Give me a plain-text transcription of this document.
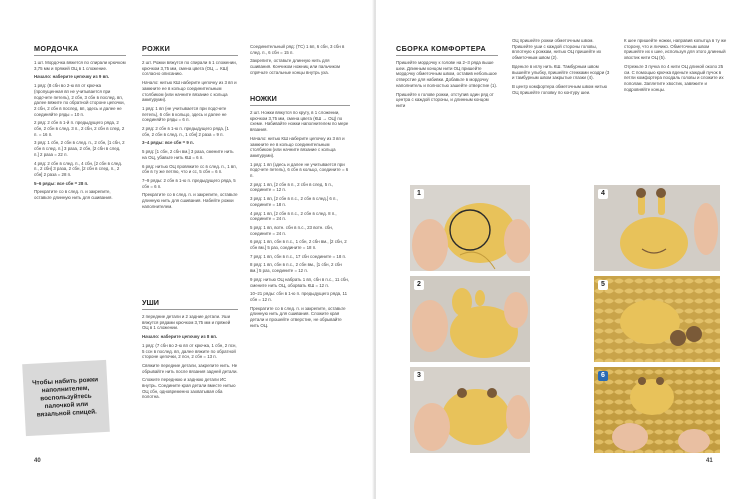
МОРДОЧКА

1 шт. Мордочка вяжется по спирали крючком 3,75 мм и пряжей ОЦ в 1 сложение.

Начало: наберите цепочку из 9 вп.

1 ряд: (8 сбн во 2-ю вп от крючка (пропущенная вп не учитывается при подсчете петель), 2 сбн, 3 сбн в послед. вп, далее вяжите по обратной стороне цепочки, 2 сбн, 2 сбн в послед. вп, здесь и далее не соединяйте ряды = 10 п.

2 ряд: 2 сбн в 1-й п. предыдущего ряда, 2 сбн, 2 сбн в след. 3 п., 2 сбн, 2 сбн в след. 2 п. = 16 п.

3 ряд: 1 сбн, 2 сбн в след. п., 2 сбн, [1 сбн, 2 сбн в след. п.] 3 раза, 2 сбн, [2 сбн в след. п.] 2 раза = 22 п.

4 ряд: 2 сбн в след. п., 4 сбн, [2 сбн в след. п., 2 сбн] 3 раза, 2 сбн, [2 сбн в след. п., 2 сбн] 2 раза = 28 п.

5–6 ряды: все сбн = 28 п.

Прекратите со в след. п. и закрепите, оставьте длинную нить для сшивания.

Чтобы набить рожки наполнителем, воспользуйтесь палочкой или вязальной спицей.
40
РОЖКИ

2 шт. Рожки вяжутся по спирали в 1 сложении, крючком 3,75 мм, смена цвета (ОЦ → КШ) согласно описанию.

Начало: нитью КШ наберите цепочку из 3 вп и замкните ее в кольцо соединительным столбиком (или начните вязание с кольца амигуруми).

1 ряд: 1 вп (не учитывается при подсчете петель), 6 сбн в кольцо, здесь и далее не соединяйте ряды = 6 п.

2 ряд: 2 сбн в 1-ю п. предыдущего ряда, [1 сбн, 2 сбн в след. п., 1 сбн] 2 раза = 9 п.

3–4 ряды: все сбн = 9 п.

5 ряд: [1 сбн, 2 сбн вм.] 3 раза, смените нить на ОЦ, убавьте нить КШ = 6 п.

6 ряд: нитью ОЦ провяжите сс в след. п., 1 вп, сбн в ту же петлю, что и сс, 5 сбн = 6 п.

7–9 ряды: 2 сбн в 1-ю п. предыдущего ряда, 5 сбн = 6 п.

Прекратите со в след. п. и закрепите, оставьте длинную нить для сшивания. Набейте рожки наполнителем.

УШИ

2 передние детали и 2 задние детали. Уши вяжутся рядами крючком 3,75 мм и пряжей ОЦ в 1 сложении.

Начало: наберите цепочку из 8 вп.

1 ряд: (7 сбн во 2-ю вп от крючка, 1 сбн, 2 псн, 5 ссн в послед. вп, далее вяжите по обратной стороне цепочки, 2 псн, 2 сбн = 13 п.

Свяжите передние детали, закрепите нить. Не обрывайте нить после вязания задней детали.

Сложите переднюю и заднюю детали ИС внутрь. Соедините края детали вместе нитью ОЦ сбн, одновременно захватывая оба полотна.

Соединительный ряд: (ТС) 1 вп, 6 сбн, 3 сбн в след. п., 6 сбн = 15 п.

Закрепите, оставьте длинную нить для сшивания. Кончиком ножниц или пальчиком спрячьте остальные концы внутрь уха.

НОЖКИ

2 шт. Ножки вяжутся по кругу, в 1 сложении, крючком 3,75 мм, смена цвета (КШ → ОЦ) по схеме. Набивайте ножки наполнителем по мере вязания.

Начало: нитью КШ наберите цепочку из 3 вп и замкните ее в кольцо соединительным столбиком (или начните вязание с кольца амигуруми).

1 ряд: 1 вп (здесь и далее не учитывается при подсчете петель), 6 сбн в кольцо, соедините = 6 п.

2 ряд: 1 вп, [2 сбн в п., 2 сбн в след. 5 п., соедините = 12 п.

3 ряд: 1 вп, [2 сбн в п.с., 2 сбн в след.] 6 п., соедините = 18 п.

4 ряд: 1 вп, [2 сбн в п.с., 2 сбн в след. 8 п., соедините = 24 п.

5 ряд: 1 вп, вотн. сбн в п.с., 23 вотн. сбн, соедините = 24 п.

6 ряд: 1 вп, сбн в п.с., 1 сбн, 2 сбн вм., [2 сбн, 2 сбн вм.] 5 раз, соедините = 18 п.

7 ряд: 1 вп, сбн в п.с., 17 сбн соедините = 18 п.

8 ряд: 1 вп, сбн в п.с., 2 сбн вм., [1 сбн, 2 сбн вм.] 5 раз, соедините = 12 п.

9 ряд: нитью ОЦ набрать 1 вп, сбн в п.с., 11 сбн, смените нить ОЦ, оборвать КШ = 12 п.

10–21 ряды: сбн в 1-ю п. предыдущего ряда, 11 сбн = 12 п.

Прекратите со в след. п. и закрепите, оставьте длинную нить для сшивания. Сложите края детали и прошейте отверстие, не обрывайте нить ОЦ.

СБОРКА КОМФОРТЕРА

Пришейте мордочку к голове на 2–3 ряда выше шеи. Длинным концом нити ОЦ пришейте мордочку обметочным швом, оставив небольшое отверстие для набивки. Добавьте в мордочку наполнитель и полностью зашейте отверстие (1).

Пришейте к голове рожки, отступив один ряд от центра с каждой стороны, и длинным концом нити

ОЦ пришейте рожки обметочным швом. Пришейте уши с каждой стороны головы, вплотную к рожкам, нитью ОЦ пришейте их обметочным швом (2).

Вденьте в иглу нить КШ. Тамбурным швом вышейте улыбку, пришейте стежками ноздри (3 и тамбурным швом закрытые глазки (4).

В центр комфортера обметочным швом нитью ОЦ пришейте головку по контуру шеи.

К шее пришейте ножки, направив копытца в ту же сторону, что и личико. Обметочным швом пришейте их к шее, используя для этого длинный хвостик нити ОЦ (5).

Отрежьте 3 пучка по 4 нити ОЦ длиной около 25 см. С помощью крючка вденьте каждый пучок в петли комфортера поодаль головы и сложите их пополам. Заплетите хвостик, завяжите и подровняйте концы.

41
1
2
3
4
5
6
